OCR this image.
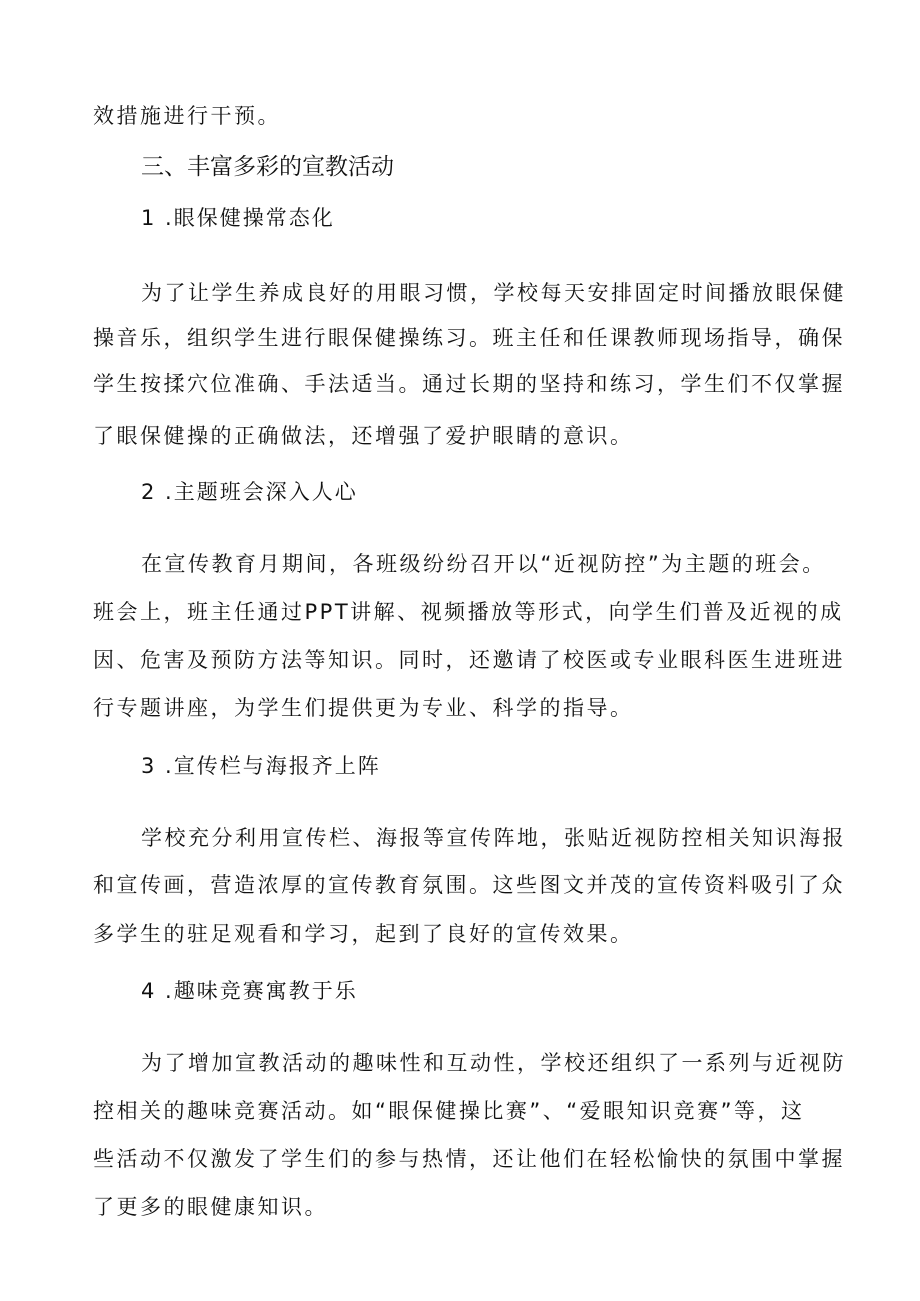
效措施进行干预。
三、丰富多彩的宣教活动
1 .眼保健操常态化
为了让学生养成良好的用眼习惯，学校每天安排固定时间播放眼保健
操音乐，组织学生进行眼保健操练习。班主任和任课教师现场指导，确保
学生按揉穴位准确、手法适当。通过长期的坚持和练习，学生们不仅掌握
了眼保健操的正确做法，还增强了爱护眼睛的意识。
2 .主题班会深入人心
在宣传教育月期间，各班级纷纷召开以“近视防控”为主题的班会。
班会上，班主任通过PPT讲解、视频播放等形式，向学生们普及近视的成
因、危害及预防方法等知识。同时，还邀请了校医或专业眼科医生进班进
行专题讲座，为学生们提供更为专业、科学的指导。
3 .宣传栏与海报齐上阵
学校充分利用宣传栏、海报等宣传阵地，张贴近视防控相关知识海报
和宣传画，营造浓厚的宣传教育氛围。这些图文并茂的宣传资料吸引了众
多学生的驻足观看和学习，起到了良好的宣传效果。
4 .趣味竞赛寓教于乐
为了增加宣教活动的趣味性和互动性，学校还组织了一系列与近视防
控相关的趣味竞赛活动。如“眼保健操比赛”、“爱眼知识竞赛”等，这
些活动不仅激发了学生们的参与热情，还让他们在轻松愉快的氛围中掌握
了更多的眼健康知识。
